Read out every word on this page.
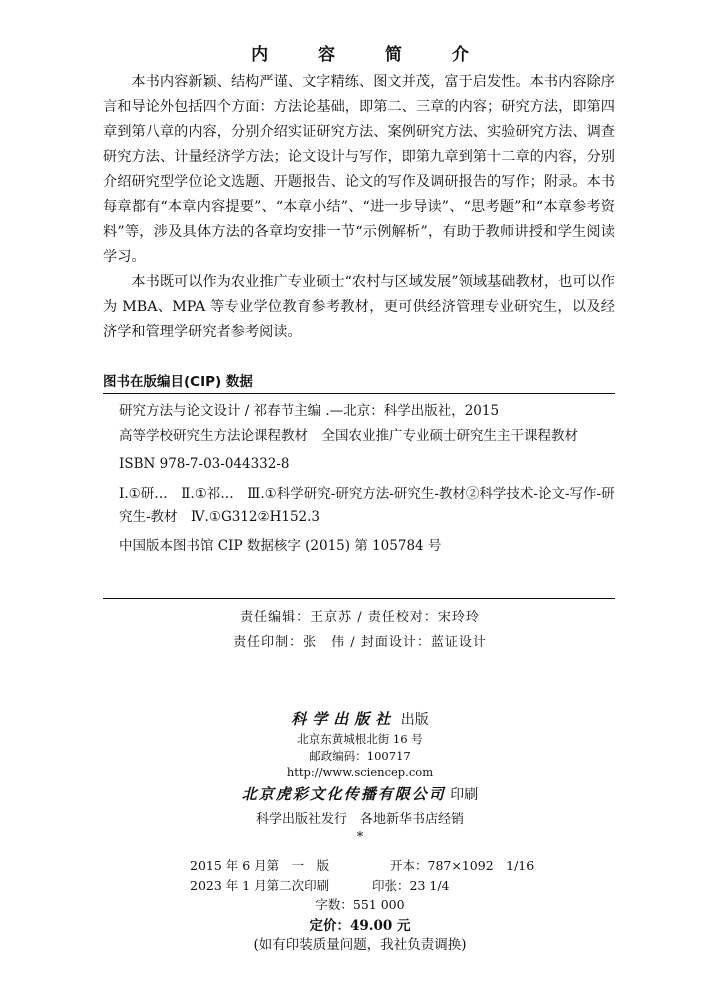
内 容 简 介

本书内容新颖、结构严谨、文字精练、图文并茂，富于启发性。本书内容除序言和导论外包括四个方面：方法论基础，即第二、三章的内容；研究方法，即第四章到第八章的内容，分别介绍实证研究方法、案例研究方法、实验研究方法、调查研究方法、计量经济学方法；论文设计与写作，即第九章到第十二章的内容，分别介绍研究型学位论文选题、开题报告、论文的写作及调研报告的写作；附录。本书每章都有“本章内容提要”、“本章小结”、“进一步导读”、“思考题”和“本章参考资料”等，涉及具体方法的各章均安排一节“示例解析”，有助于教师讲授和学生阅读学习。

本书既可以作为农业推广专业硕士“农村与区域发展”领域基础教材，也可以作为 MBA、MPA 等专业学位教育参考教材，更可供经济管理专业研究生，以及经济学和管理学研究者参考阅读。

图书在版编目(CIP) 数据

研究方法与论文设计 / 祁春节主编 .—北京：科学出版社，2015

高等学校研究生方法论课程教材　全国农业推广专业硕士研究生主干课程教材

ISBN 978-7-03-044332-8

Ⅰ.①研…　Ⅱ.①祁…　Ⅲ.①科学研究-研究方法-研究生-教材②科学技术-论文-写作-研究生-教材　Ⅳ.①G312②H152.3

中国版本图书馆 CIP 数据核字 (2015) 第 105784 号

责任编辑：王京苏 / 责任校对：宋玲玲
责任印制：张　伟 / 封面设计：蓝证设计
科学出版社 出版
北京东黄城根北街 16 号
邮政编码：100717
http://www.sciencep.com
北京虎彩文化传播有限公司 印刷
科学出版社发行　各地新华书店经销
*
2015 年 6 月第　一　版	开本：787×1092　1/16
2023 年 1 月第二次印刷	印张：23 1/4
字数：551 000
定价：49.00 元
(如有印装质量问题，我社负责调换)
